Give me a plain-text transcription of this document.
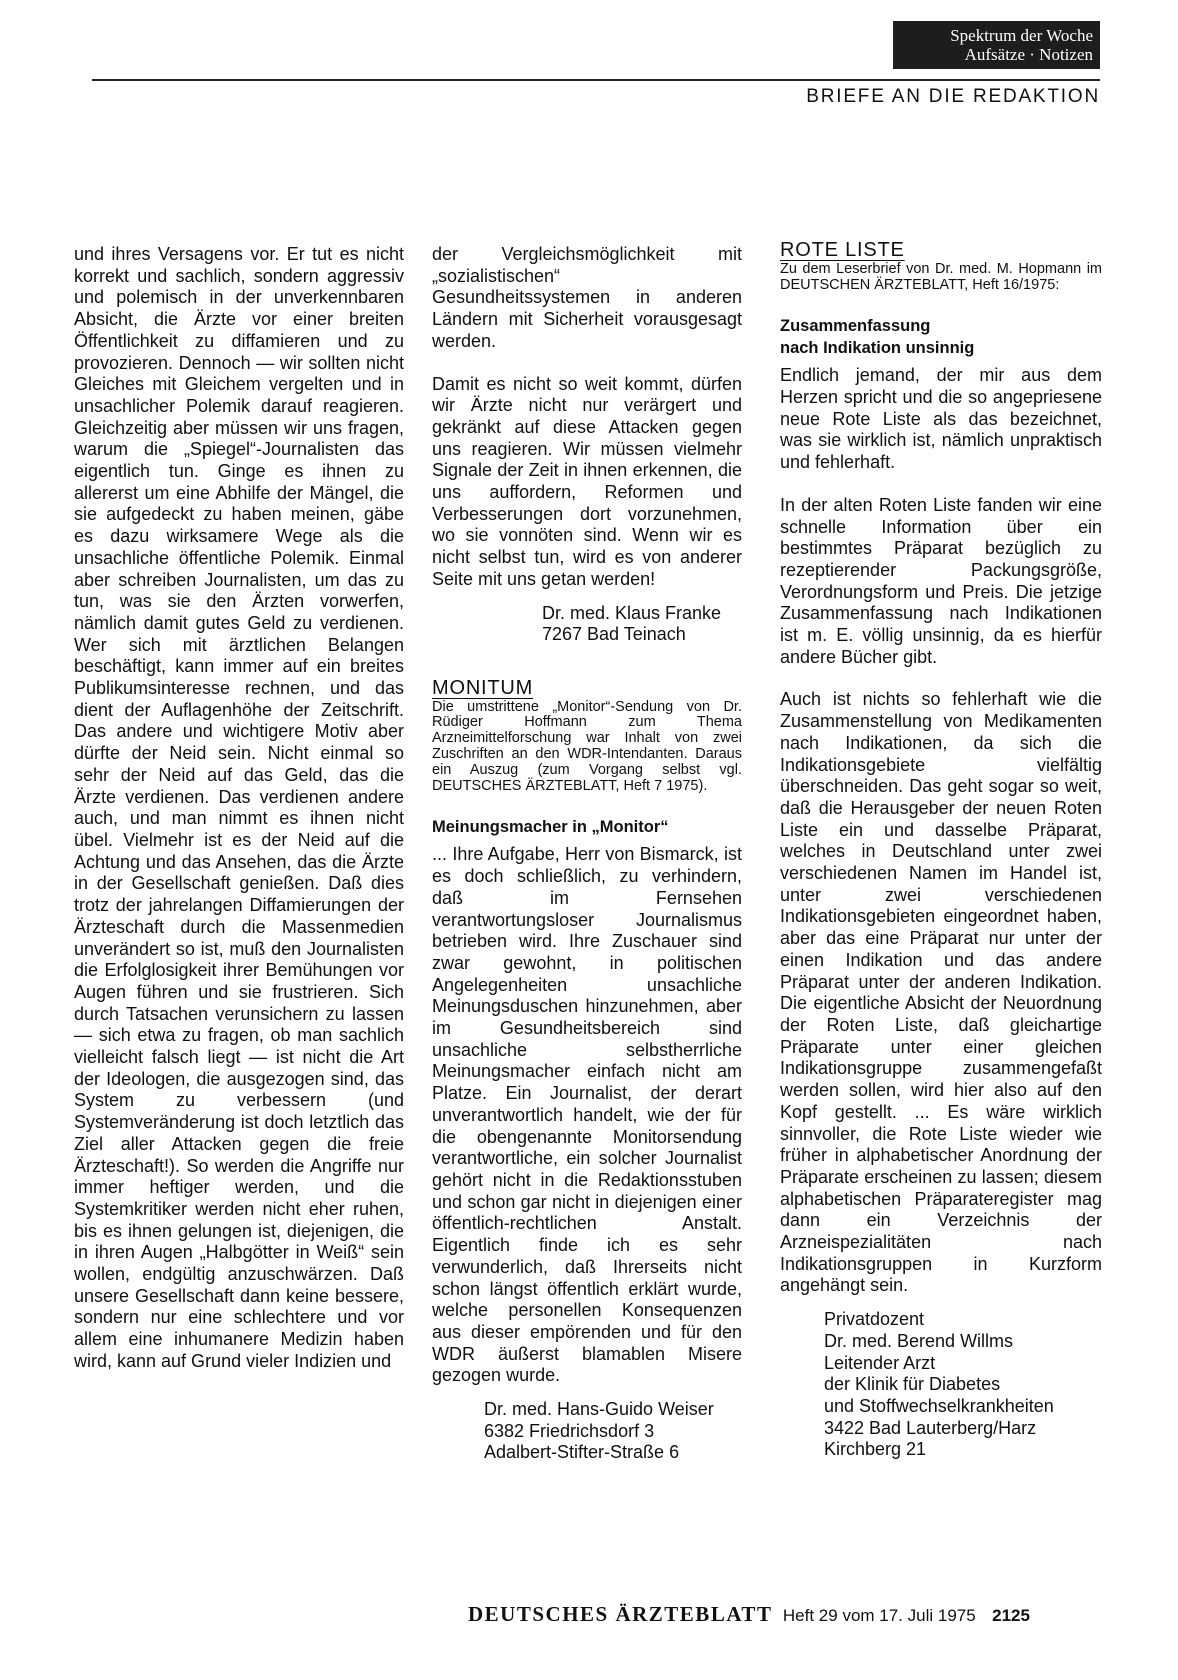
Spektrum der Woche
Aufsätze · Notizen
BRIEFE AN DIE REDAKTION

und ihres Versagens vor. Er tut es nicht korrekt und sachlich, sondern aggressiv und polemisch in der unverkennbaren Absicht, die Ärzte vor einer breiten Öffentlichkeit zu diffamieren und zu provozieren. Dennoch — wir sollten nicht Gleiches mit Gleichem vergelten und in unsachlicher Polemik darauf reagieren. Gleichzeitig aber müssen wir uns fragen, warum die „Spiegel“-Journalisten das eigentlich tun. Ginge es ihnen zu allererst um eine Abhilfe der Mängel, die sie aufgedeckt zu haben meinen, gäbe es dazu wirksamere Wege als die unsachliche öffentliche Polemik. Einmal aber schreiben Journalisten, um das zu tun, was sie den Ärzten vorwerfen, nämlich damit gutes Geld zu verdienen. Wer sich mit ärztlichen Belangen beschäftigt, kann immer auf ein breites Publikumsinteresse rechnen, und das dient der Auflagenhöhe der Zeitschrift. Das andere und wichtigere Motiv aber dürfte der Neid sein. Nicht einmal so sehr der Neid auf das Geld, das die Ärzte verdienen. Das verdienen andere auch, und man nimmt es ihnen nicht übel. Vielmehr ist es der Neid auf die Achtung und das Ansehen, das die Ärzte in der Gesellschaft genießen. Daß dies trotz der jahrelangen Diffamierungen der Ärzteschaft durch die Massenmedien unverändert so ist, muß den Journalisten die Erfolglosigkeit ihrer Bemühungen vor Augen führen und sie frustrieren. Sich durch Tatsachen verunsichern zu lassen — sich etwa zu fragen, ob man sachlich vielleicht falsch liegt — ist nicht die Art der Ideologen, die ausgezogen sind, das System zu verbessern (und Systemveränderung ist doch letztlich das Ziel aller Attacken gegen die freie Ärzteschaft!). So werden die Angriffe nur immer heftiger werden, und die Systemkritiker werden nicht eher ruhen, bis es ihnen gelungen ist, diejenigen, die in ihren Augen „Halbgötter in Weiß“ sein wollen, endgültig anzuschwärzen. Daß unsere Gesellschaft dann keine bessere, sondern nur eine schlechtere und vor allem eine inhumanere Medizin haben wird, kann auf Grund vieler Indizien und

der Vergleichsmöglichkeit mit „sozialistischen“ Gesundheitssystemen in anderen Ländern mit Sicherheit vorausgesagt werden.

Damit es nicht so weit kommt, dürfen wir Ärzte nicht nur verärgert und gekränkt auf diese Attacken gegen uns reagieren. Wir müssen vielmehr Signale der Zeit in ihnen erkennen, die uns auffordern, Reformen und Verbesserungen dort vorzunehmen, wo sie vonnöten sind. Wenn wir es nicht selbst tun, wird es von anderer Seite mit uns getan werden!

Dr. med. Klaus Franke
7267 Bad Teinach
MONITUM

Die umstrittene „Monitor“-Sendung von Dr. Rüdiger Hoffmann zum Thema Arzneimittelforschung war Inhalt von zwei Zuschriften an den WDR-Intendanten. Daraus ein Auszug (zum Vorgang selbst vgl. DEUTSCHES ÄRZTEBLATT, Heft 7 1975).

Meinungsmacher in „Monitor“

... Ihre Aufgabe, Herr von Bismarck, ist es doch schließlich, zu verhindern, daß im Fernsehen verantwortungsloser Journalismus betrieben wird. Ihre Zuschauer sind zwar gewohnt, in politischen Angelegenheiten unsachliche Meinungsduschen hinzunehmen, aber im Gesundheitsbereich sind unsachliche selbstherrliche Meinungsmacher einfach nicht am Platze. Ein Journalist, der derart unverantwortlich handelt, wie der für die obengenannte Monitorsendung verantwortliche, ein solcher Journalist gehört nicht in die Redaktionsstuben und schon gar nicht in diejenigen einer öffentlich-rechtlichen Anstalt. Eigentlich finde ich es sehr verwunderlich, daß Ihrerseits nicht schon längst öffentlich erklärt wurde, welche personellen Konsequenzen aus dieser empörenden und für den WDR äußerst blamablen Misere gezogen wurde.

Dr. med. Hans-Guido Weiser
6382 Friedrichsdorf 3
Adalbert-Stifter-Straße 6
ROTE LISTE

Zu dem Leserbrief von Dr. med. M. Hopmann im DEUTSCHEN ÄRZTEBLATT, Heft 16/1975:

Zusammenfassung
nach Indikation unsinnig

Endlich jemand, der mir aus dem Herzen spricht und die so angepriesene neue Rote Liste als das bezeichnet, was sie wirklich ist, nämlich unpraktisch und fehlerhaft.

In der alten Roten Liste fanden wir eine schnelle Information über ein bestimmtes Präparat bezüglich zu rezeptierender Packungsgröße, Verordnungsform und Preis. Die jetzige Zusammenfassung nach Indikationen ist m. E. völlig unsinnig, da es hierfür andere Bücher gibt.

Auch ist nichts so fehlerhaft wie die Zusammenstellung von Medikamenten nach Indikationen, da sich die Indikationsgebiete vielfältig überschneiden. Das geht sogar so weit, daß die Herausgeber der neuen Roten Liste ein und dasselbe Präparat, welches in Deutschland unter zwei verschiedenen Namen im Handel ist, unter zwei verschiedenen Indikationsgebieten eingeordnet haben, aber das eine Präparat nur unter der einen Indikation und das andere Präparat unter der anderen Indikation. Die eigentliche Absicht der Neuordnung der Roten Liste, daß gleichartige Präparate unter einer gleichen Indikationsgruppe zusammengefaßt werden sollen, wird hier also auf den Kopf gestellt. ... Es wäre wirklich sinnvoller, die Rote Liste wieder wie früher in alphabetischer Anordnung der Präparate erscheinen zu lassen; diesem alphabetischen Präparateregister mag dann ein Verzeichnis der Arzneispezialitäten nach Indikationsgruppen in Kurzform angehängt sein.

Privatdozent
Dr. med. Berend Willms
Leitender Arzt
der Klinik für Diabetes
und Stoffwechselkrankheiten
3422 Bad Lauterberg/Harz
Kirchberg 21
DEUTSCHES ÄRZTEBLATT Heft 29 vom 17. Juli 1975 2125
